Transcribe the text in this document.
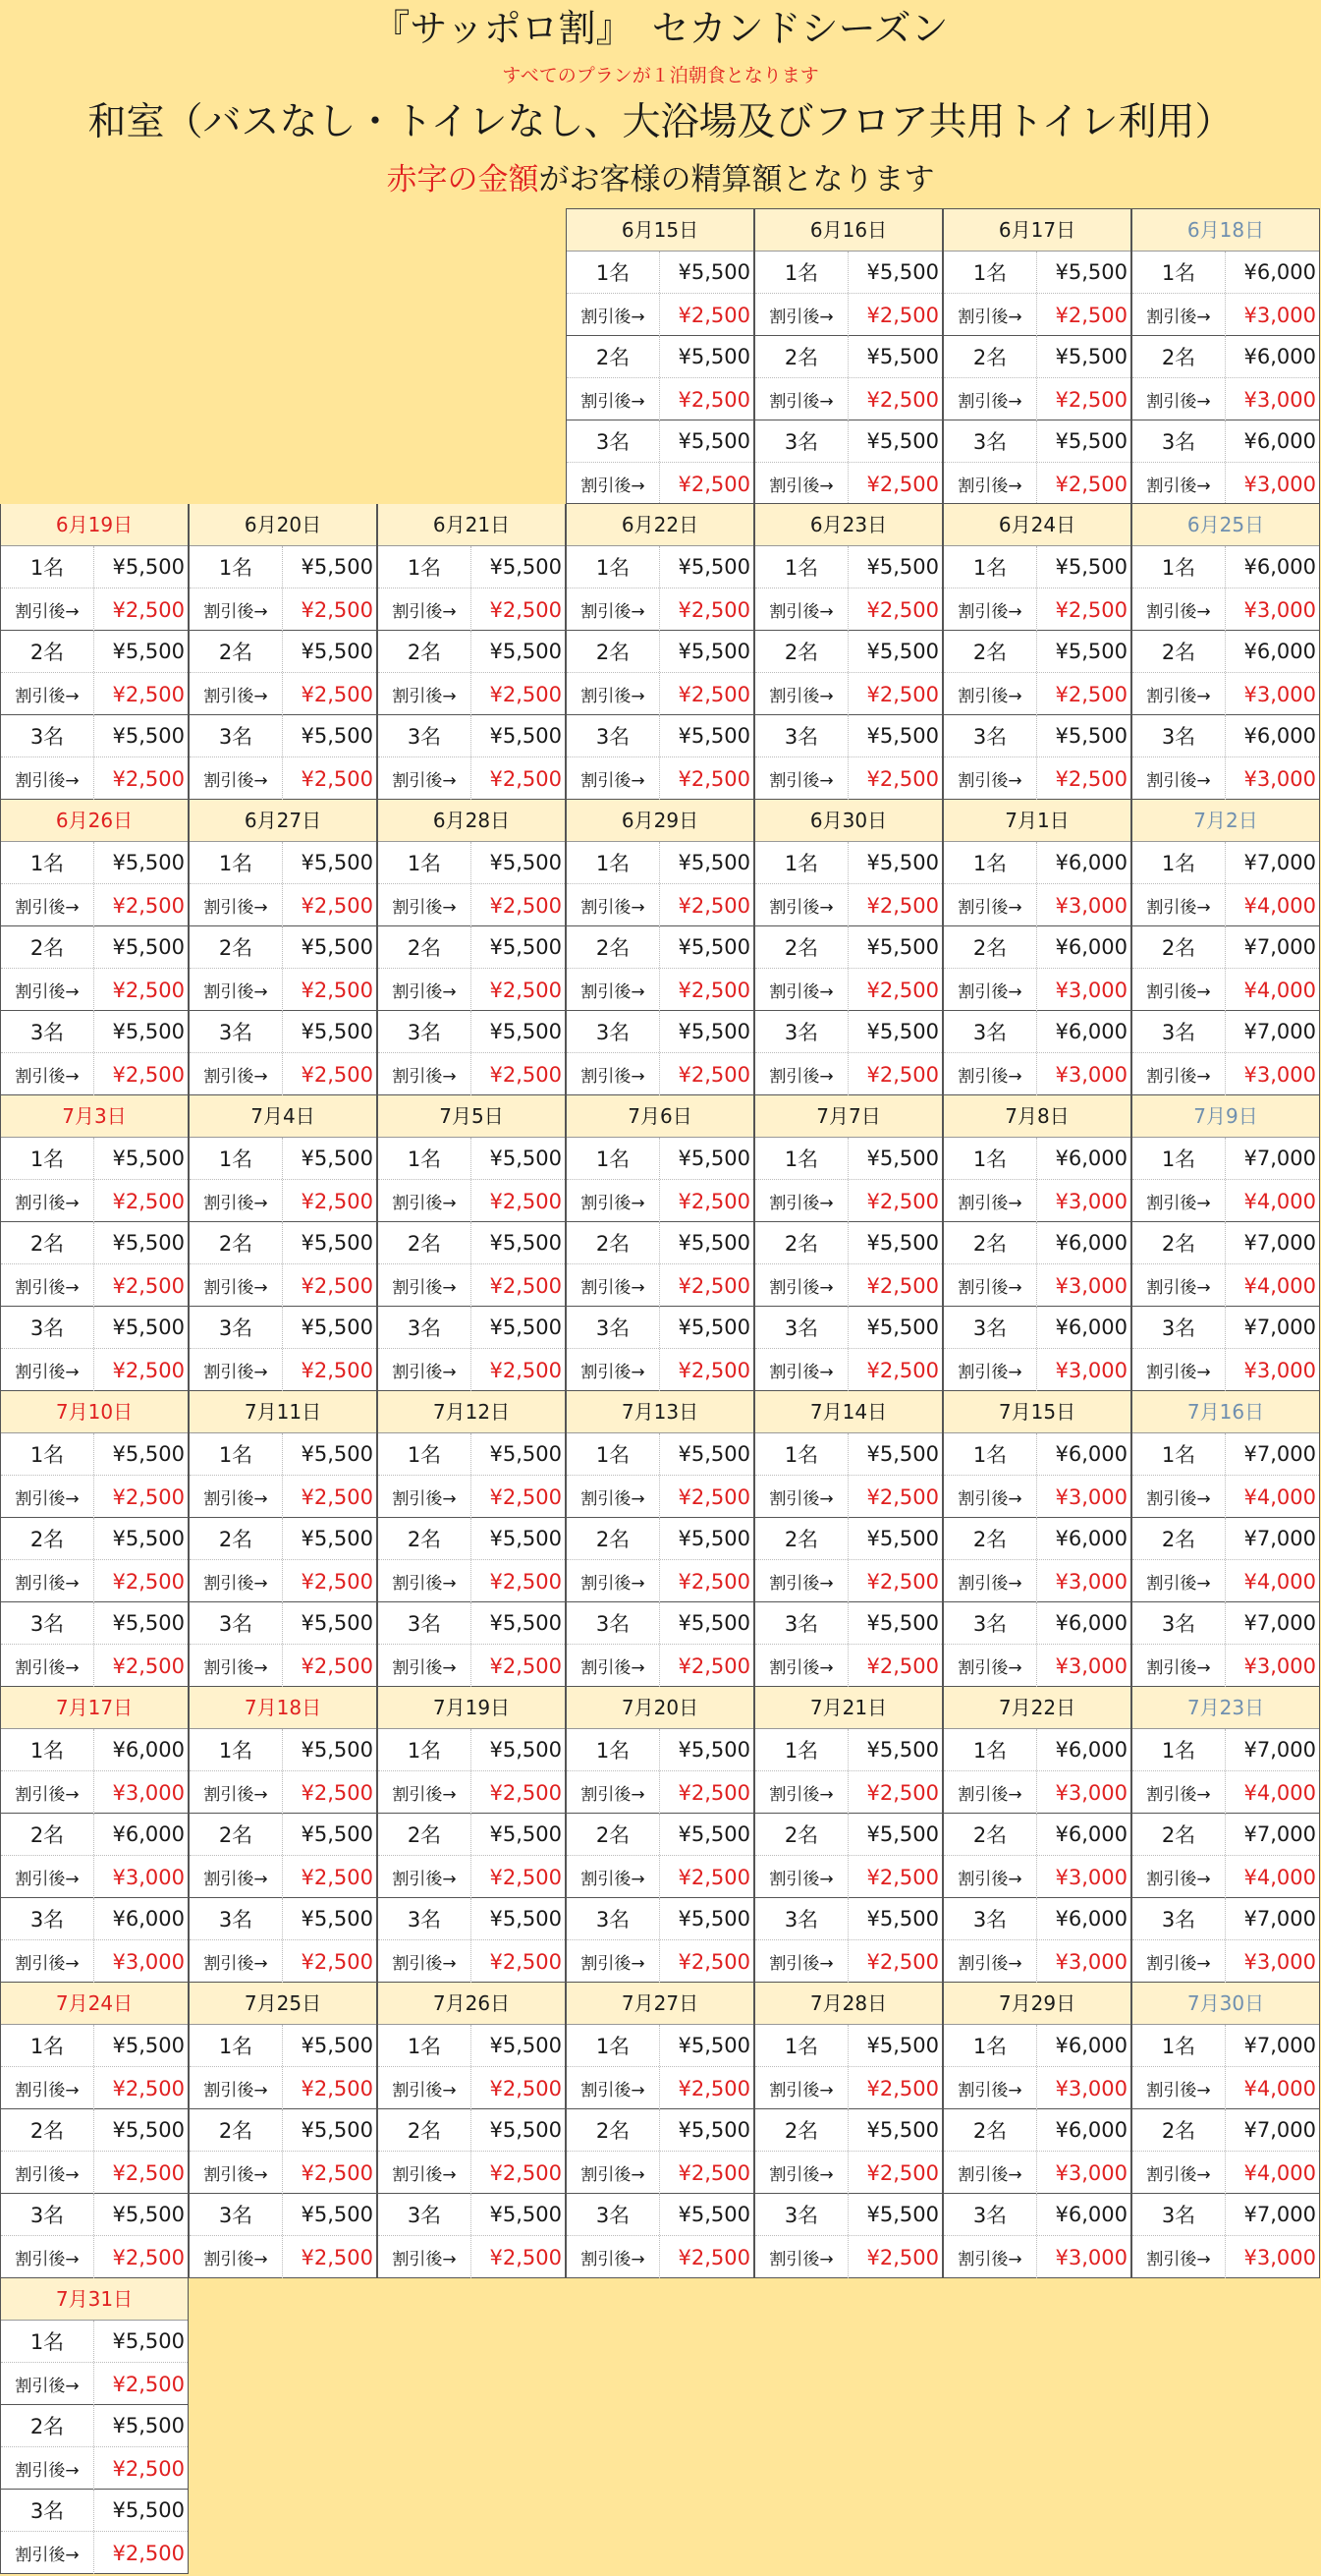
『サッポロ割』　セカンドシーズン
すべてのプランが１泊朝食となります
和室（バスなし・トイレなし、大浴場及びフロア共用トイレ利用）
赤字の金額がお客様の精算額となります
6月15日
1名	¥5,500
割引後→	¥2,500
2名	¥5,500
割引後→	¥2,500
3名	¥5,500
割引後→	¥2,500
6月16日
1名	¥5,500
割引後→	¥2,500
2名	¥5,500
割引後→	¥2,500
3名	¥5,500
割引後→	¥2,500
6月17日
1名	¥5,500
割引後→	¥2,500
2名	¥5,500
割引後→	¥2,500
3名	¥5,500
割引後→	¥2,500
6月18日
1名	¥6,000
割引後→	¥3,000
2名	¥6,000
割引後→	¥3,000
3名	¥6,000
割引後→	¥3,000
6月19日
1名	¥5,500
割引後→	¥2,500
2名	¥5,500
割引後→	¥2,500
3名	¥5,500
割引後→	¥2,500
6月20日
1名	¥5,500
割引後→	¥2,500
2名	¥5,500
割引後→	¥2,500
3名	¥5,500
割引後→	¥2,500
6月21日
1名	¥5,500
割引後→	¥2,500
2名	¥5,500
割引後→	¥2,500
3名	¥5,500
割引後→	¥2,500
6月22日
1名	¥5,500
割引後→	¥2,500
2名	¥5,500
割引後→	¥2,500
3名	¥5,500
割引後→	¥2,500
6月23日
1名	¥5,500
割引後→	¥2,500
2名	¥5,500
割引後→	¥2,500
3名	¥5,500
割引後→	¥2,500
6月24日
1名	¥5,500
割引後→	¥2,500
2名	¥5,500
割引後→	¥2,500
3名	¥5,500
割引後→	¥2,500
6月25日
1名	¥6,000
割引後→	¥3,000
2名	¥6,000
割引後→	¥3,000
3名	¥6,000
割引後→	¥3,000
6月26日
1名	¥5,500
割引後→	¥2,500
2名	¥5,500
割引後→	¥2,500
3名	¥5,500
割引後→	¥2,500
6月27日
1名	¥5,500
割引後→	¥2,500
2名	¥5,500
割引後→	¥2,500
3名	¥5,500
割引後→	¥2,500
6月28日
1名	¥5,500
割引後→	¥2,500
2名	¥5,500
割引後→	¥2,500
3名	¥5,500
割引後→	¥2,500
6月29日
1名	¥5,500
割引後→	¥2,500
2名	¥5,500
割引後→	¥2,500
3名	¥5,500
割引後→	¥2,500
6月30日
1名	¥5,500
割引後→	¥2,500
2名	¥5,500
割引後→	¥2,500
3名	¥5,500
割引後→	¥2,500
7月1日
1名	¥6,000
割引後→	¥3,000
2名	¥6,000
割引後→	¥3,000
3名	¥6,000
割引後→	¥3,000
7月2日
1名	¥7,000
割引後→	¥4,000
2名	¥7,000
割引後→	¥4,000
3名	¥7,000
割引後→	¥3,000
7月3日
1名	¥5,500
割引後→	¥2,500
2名	¥5,500
割引後→	¥2,500
3名	¥5,500
割引後→	¥2,500
7月4日
1名	¥5,500
割引後→	¥2,500
2名	¥5,500
割引後→	¥2,500
3名	¥5,500
割引後→	¥2,500
7月5日
1名	¥5,500
割引後→	¥2,500
2名	¥5,500
割引後→	¥2,500
3名	¥5,500
割引後→	¥2,500
7月6日
1名	¥5,500
割引後→	¥2,500
2名	¥5,500
割引後→	¥2,500
3名	¥5,500
割引後→	¥2,500
7月7日
1名	¥5,500
割引後→	¥2,500
2名	¥5,500
割引後→	¥2,500
3名	¥5,500
割引後→	¥2,500
7月8日
1名	¥6,000
割引後→	¥3,000
2名	¥6,000
割引後→	¥3,000
3名	¥6,000
割引後→	¥3,000
7月9日
1名	¥7,000
割引後→	¥4,000
2名	¥7,000
割引後→	¥4,000
3名	¥7,000
割引後→	¥3,000
7月10日
1名	¥5,500
割引後→	¥2,500
2名	¥5,500
割引後→	¥2,500
3名	¥5,500
割引後→	¥2,500
7月11日
1名	¥5,500
割引後→	¥2,500
2名	¥5,500
割引後→	¥2,500
3名	¥5,500
割引後→	¥2,500
7月12日
1名	¥5,500
割引後→	¥2,500
2名	¥5,500
割引後→	¥2,500
3名	¥5,500
割引後→	¥2,500
7月13日
1名	¥5,500
割引後→	¥2,500
2名	¥5,500
割引後→	¥2,500
3名	¥5,500
割引後→	¥2,500
7月14日
1名	¥5,500
割引後→	¥2,500
2名	¥5,500
割引後→	¥2,500
3名	¥5,500
割引後→	¥2,500
7月15日
1名	¥6,000
割引後→	¥3,000
2名	¥6,000
割引後→	¥3,000
3名	¥6,000
割引後→	¥3,000
7月16日
1名	¥7,000
割引後→	¥4,000
2名	¥7,000
割引後→	¥4,000
3名	¥7,000
割引後→	¥3,000
7月17日
1名	¥6,000
割引後→	¥3,000
2名	¥6,000
割引後→	¥3,000
3名	¥6,000
割引後→	¥3,000
7月18日
1名	¥5,500
割引後→	¥2,500
2名	¥5,500
割引後→	¥2,500
3名	¥5,500
割引後→	¥2,500
7月19日
1名	¥5,500
割引後→	¥2,500
2名	¥5,500
割引後→	¥2,500
3名	¥5,500
割引後→	¥2,500
7月20日
1名	¥5,500
割引後→	¥2,500
2名	¥5,500
割引後→	¥2,500
3名	¥5,500
割引後→	¥2,500
7月21日
1名	¥5,500
割引後→	¥2,500
2名	¥5,500
割引後→	¥2,500
3名	¥5,500
割引後→	¥2,500
7月22日
1名	¥6,000
割引後→	¥3,000
2名	¥6,000
割引後→	¥3,000
3名	¥6,000
割引後→	¥3,000
7月23日
1名	¥7,000
割引後→	¥4,000
2名	¥7,000
割引後→	¥4,000
3名	¥7,000
割引後→	¥3,000
7月24日
1名	¥5,500
割引後→	¥2,500
2名	¥5,500
割引後→	¥2,500
3名	¥5,500
割引後→	¥2,500
7月25日
1名	¥5,500
割引後→	¥2,500
2名	¥5,500
割引後→	¥2,500
3名	¥5,500
割引後→	¥2,500
7月26日
1名	¥5,500
割引後→	¥2,500
2名	¥5,500
割引後→	¥2,500
3名	¥5,500
割引後→	¥2,500
7月27日
1名	¥5,500
割引後→	¥2,500
2名	¥5,500
割引後→	¥2,500
3名	¥5,500
割引後→	¥2,500
7月28日
1名	¥5,500
割引後→	¥2,500
2名	¥5,500
割引後→	¥2,500
3名	¥5,500
割引後→	¥2,500
7月29日
1名	¥6,000
割引後→	¥3,000
2名	¥6,000
割引後→	¥3,000
3名	¥6,000
割引後→	¥3,000
7月30日
1名	¥7,000
割引後→	¥4,000
2名	¥7,000
割引後→	¥4,000
3名	¥7,000
割引後→	¥3,000
7月31日
1名	¥5,500
割引後→	¥2,500
2名	¥5,500
割引後→	¥2,500
3名	¥5,500
割引後→	¥2,500
